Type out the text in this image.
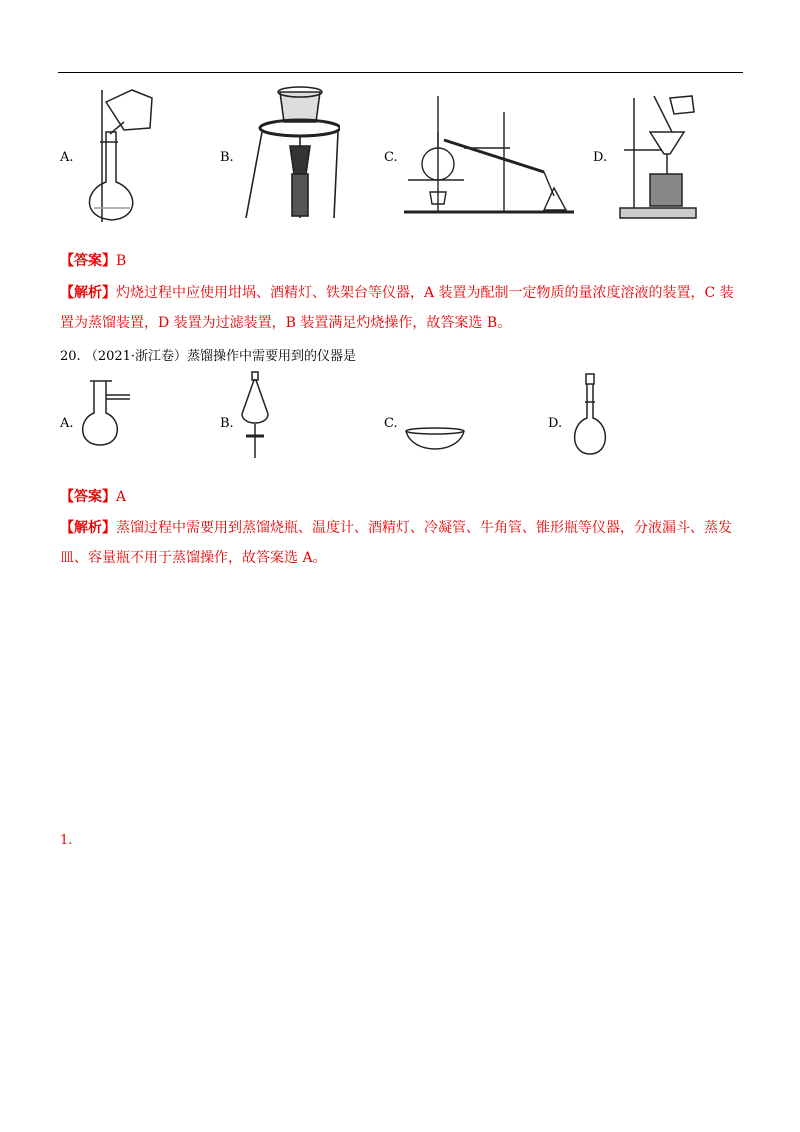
A.	B.	C.	D.
【答案】B
【解析】灼烧过程中应使用坩埚、酒精灯、铁架台等仪器，A 装置为配制一定物质的量浓度溶液的装置，C 装
置为蒸馏装置，D 装置为过滤装置，B 装置满足灼烧操作，故答案选 B。
20. （2021·浙江卷）蒸馏操作中需要用到的仪器是
A.	B.	C.	D.
【答案】A
【解析】蒸馏过程中需要用到蒸馏烧瓶、温度计、酒精灯、冷凝管、牛角管、锥形瓶等仪器，分液漏斗、蒸发
皿、容量瓶不用于蒸馏操作，故答案选 A。
1.
